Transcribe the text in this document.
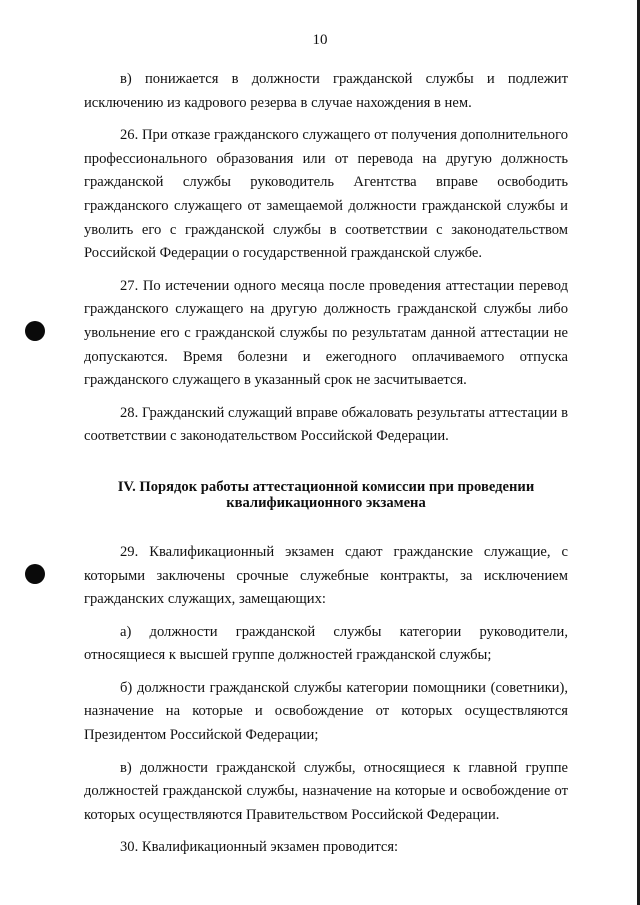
10

в) понижается в должности гражданской службы и подлежит исключению из кадрового резерва в случае нахождения в нем.

26. При отказе гражданского служащего от получения дополнительного профессионального образования или от перевода на другую должность гражданской службы руководитель Агентства вправе освободить гражданского служащего от замещаемой должности гражданской службы и уволить его с гражданской службы в соответствии с законодательством Российской Федерации о государственной гражданской службе.

27. По истечении одного месяца после проведения аттестации перевод гражданского служащего на другую должность гражданской службы либо увольнение его с гражданской службы по результатам данной аттестации не допускаются. Время болезни и ежегодного оплачиваемого отпуска гражданского служащего в указанный срок не засчитывается.

28. Гражданский служащий вправе обжаловать результаты аттестации в соответствии с законодательством Российской Федерации.

IV. Порядок работы аттестационной комиссии при проведении
квалификационного экзамена

29. Квалификационный экзамен сдают гражданские служащие, с которыми заключены срочные служебные контракты, за исключением гражданских служащих, замещающих:

а) должности гражданской службы категории руководители, относящиеся к высшей группе должностей гражданской службы;

б) должности гражданской службы категории помощники (советники), назначение на которые и освобождение от которых осуществляются Президентом Российской Федерации;

в) должности гражданской службы, относящиеся к главной группе должностей гражданской службы, назначение на которые и освобождение от которых осуществляются Правительством Российской Федерации.

30. Квалификационный экзамен проводится:
